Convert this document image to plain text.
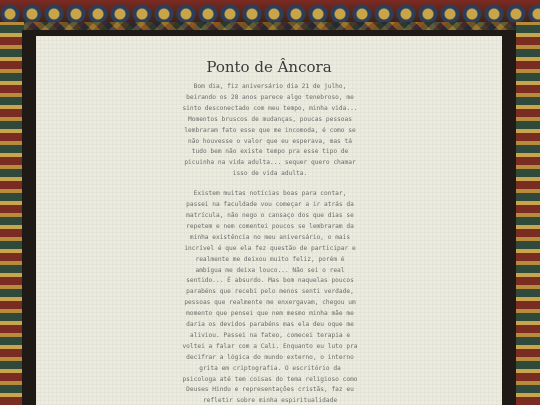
Ponto de Âncora

Bom dia, fiz aniversário dia 21 de julho, beirando os 28 anos parece algo tenebroso, me sinto desconectado com meu tempo, minha vida... Momentos bruscos de mudanças, poucas pessoas lembraram fato esse que me incomoda, é como se não houvesse o valor que eu esperava, mas tá tudo bem não existe tempo pra esse tipo de picuinha na vida adulta... sequer quero chamar isso de vida adulta.

Existem muitas notícias boas para contar, passei na faculdade vou começar a ir atrás da matrícula, não nego o cansaço dos que dias se repetem e nem comentei poucos se lembraram da minha existência no meu aniversário, o mais incrível é que ela fez questão de participar e realmente me deixou muito feliz, porém é ambígua me deixa louco... Não sei o real sentido... É absurdo. Mas bom naquelas poucos parabéns que recebi pelo menos senti verdade, pessoas que realmente me enxergavam, chegou um momento que pensei que nem mesmo minha mãe me daria os devidos parabéns mas ela deu oque me aliviou. Passei na fateo, comecei terapia e voltei a falar com a Cali. Enquanto eu luto pra decifrar a lógica do mundo externo, o interno grita em criptografia. O escritório da psicologa até tem coisas do tema religioso como Deuses Hindu e representações cristãs, faz eu refletir sobre minha espiritualidade
